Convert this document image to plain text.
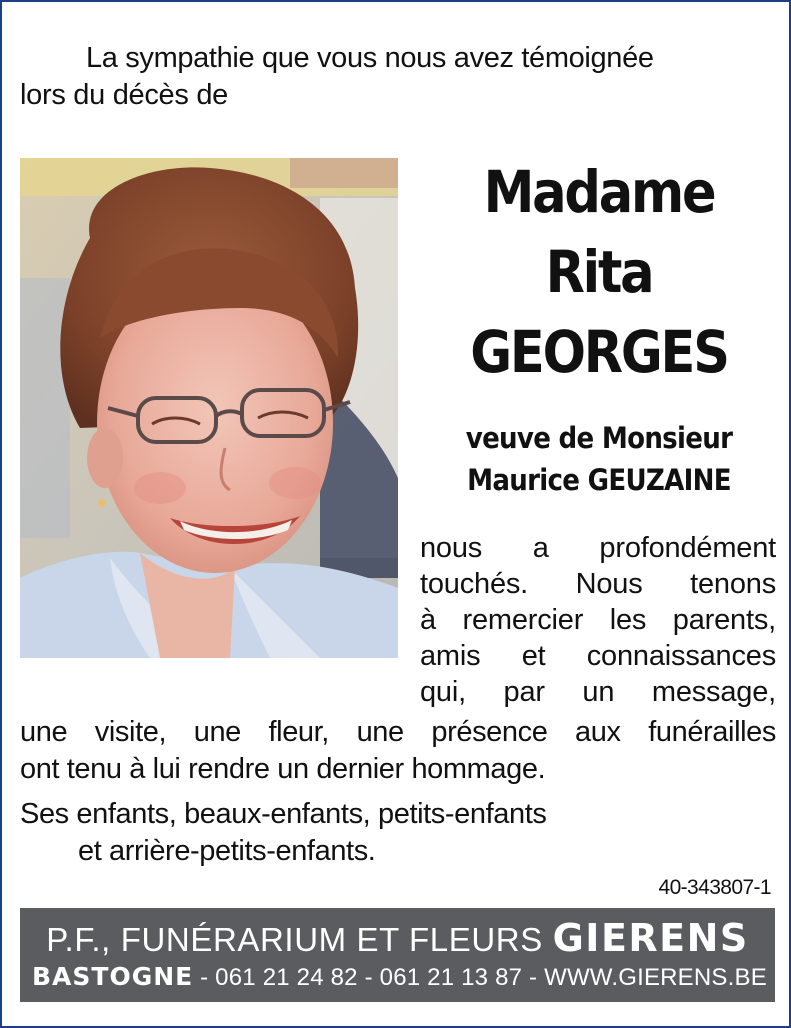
La sympathie que vous nous avez témoignée
lors du décès de
Madame
Rita
GEORGES
veuve de Monsieur
Maurice GEUZAINE
nous a profondément
touchés. Nous tenons
à remercier les parents,
amis et connaissances
qui, par un message,
une visite, une fleur, une présence aux funérailles
ont tenu à lui rendre un dernier hommage.
Ses enfants, beaux-enfants, petits-enfants
et arrière-petits-enfants.
40-343807-1
P.F., FUNÉRARIUM ET FLEURS GIERENS
BASTOGNE - 061 21 24 82 - 061 21 13 87 - WWW.GIERENS.BE
